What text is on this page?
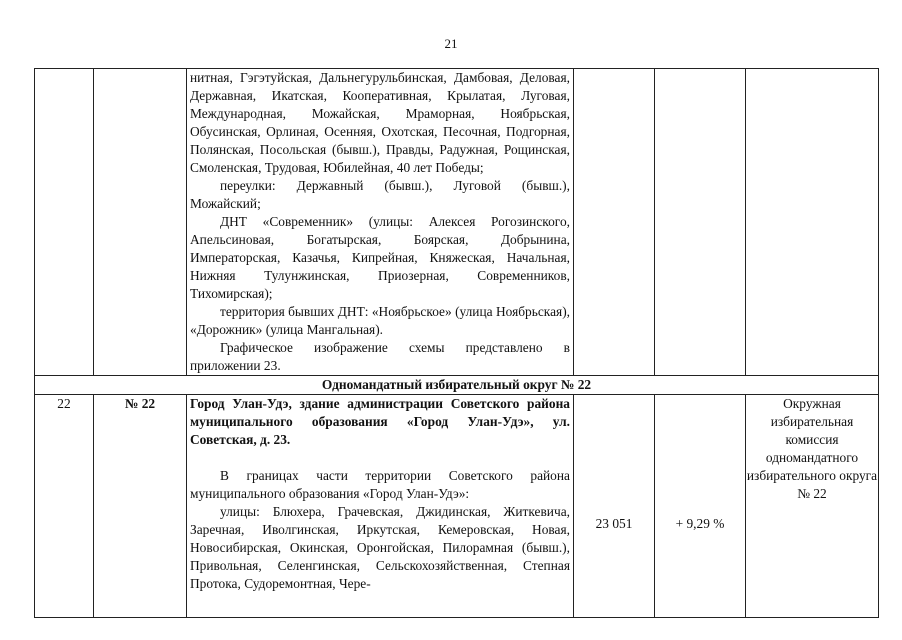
21

		нитная, Гэгэтуйская, Дальнегурульбинская, Дамбовая, Деловая, Державная, Икатская, Кооперативная, Крылатая, Луговая, Международная, Можайская, Мраморная, Ноябрьская, Обусинская, Орлиная, Осенняя, Охотская, Песочная, Подгорная, Полянская, Посольская (бывш.), Правды, Радужная, Рощинская, Смоленская, Трудовая, Юбилейная, 40 лет Победы;

переулки: Державный (бывш.), Луговой (бывш.), Можайский;

ДНТ «Современник» (улицы: Алексея Рогозинского, Апельсиновая, Богатырская, Боярская, Добрынина, Императорская, Казачья, Кипрейная, Княжеская, Начальная, Нижняя Тулунжинская, Приозерная, Современников, Тихомирская);

территория бывших ДНТ: «Ноябрьское» (улица Ноябрьская), «Дорожник» (улица Мангальная).

Графическое изображение схемы представлено в приложении 23.			

Одномандатный избирательный округ № 22					
22	№ 22	Город Улан-Удэ, здание администрации Советского района муниципального образования «Город Улан-Удэ», ул. Советская, д. 23.

В границах части территории Советского района муниципального образования «Город Улан-Удэ»:

улицы: Блюхера, Грачевская, Джидинская, Житкевича, Заречная, Иволгинская, Иркутская, Кемеровская, Новая, Новосибирская, Окинская, Оронгойская, Пилорамная (бывш.), Привольная, Селенгинская, Сельскохозяйственная, Степная Протока, Судоремонтная, Чере-	23 051	+ 9,29 %	Окружная избирательная комиссия одномандатного избирательного округа № 22
